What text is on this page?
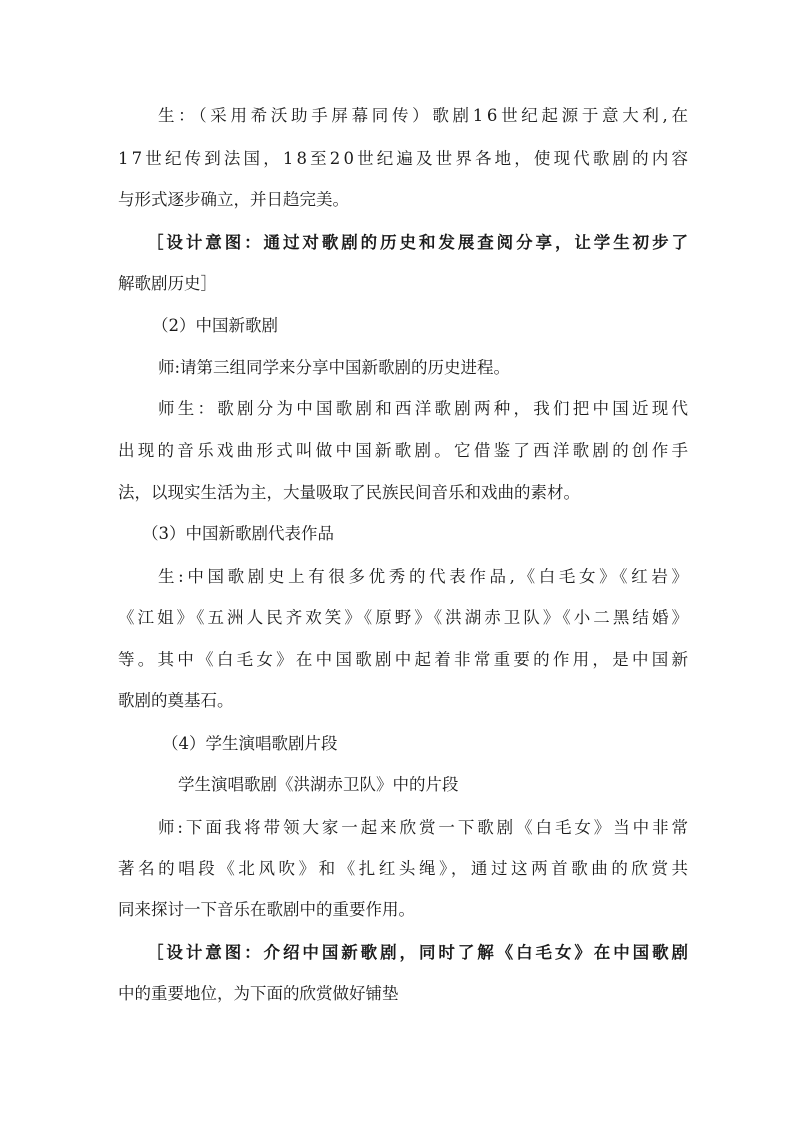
生：（采用希沃助手屏幕同传）歌剧16世纪起源于意大利,在
17世纪传到法国，18至20世纪遍及世界各地，使现代歌剧的内容
与形式逐步确立，并日趋完美。
［设计意图：通过对歌剧的历史和发展查阅分享，让学生初步了
解歌剧历史］
（2）中国新歌剧
师:请第三组同学来分享中国新歌剧的历史进程。
师生：歌剧分为中国歌剧和西洋歌剧两种，我们把中国近现代
出现的音乐戏曲形式叫做中国新歌剧。它借鉴了西洋歌剧的创作手
法，以现实生活为主，大量吸取了民族民间音乐和戏曲的素材。
（3）中国新歌剧代表作品
生:中国歌剧史上有很多优秀的代表作品,《白毛女》《红岩》
《江姐》《五洲人民齐欢笑》《原野》《洪湖赤卫队》《小二黑结婚》
等。其中《白毛女》在中国歌剧中起着非常重要的作用，是中国新
歌剧的奠基石。
（4）学生演唱歌剧片段
学生演唱歌剧《洪湖赤卫队》中的片段
师:下面我将带领大家一起来欣赏一下歌剧《白毛女》当中非常
著名的唱段《北风吹》和《扎红头绳》，通过这两首歌曲的欣赏共
同来探讨一下音乐在歌剧中的重要作用。
［设计意图：介绍中国新歌剧，同时了解《白毛女》在中国歌剧
中的重要地位，为下面的欣赏做好铺垫
